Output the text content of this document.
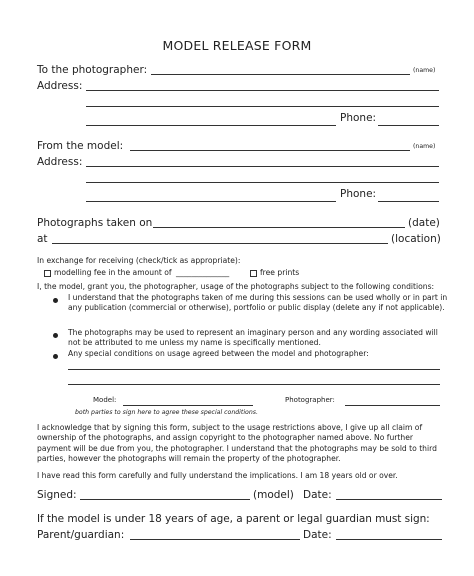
MODEL RELEASE FORM
To the photographer:	(name)
Address:
Phone:
From the model:	(name)
Address:
Phone:
Photographs taken on	(date)
at	(location)
In exchange for receiving (check/tick as appropriate):
modelling fee in the amount of ______________	free prints
I, the model, grant you, the photographer, usage of the photographs subject to the following conditions:
I understand that the photographs taken of me during this sessions can be used wholly or in part in any publication (commercial or otherwise), portfolio or public display (delete any if not applicable).
The photographs may be used to represent an imaginary person and any wording associated will not be attributed to me unless my name is specifically mentioned.
Any special conditions on usage agreed between the model and photographer:
Model:	Photographer:
both parties to sign here to agree these special conditions.
I acknowledge that by signing this form, subject to the usage restrictions above, I give up all claim of ownership of the photographs, and assign copyright to the photographer named above. No further payment will be due from you, the photographer. I understand that the photographs may be sold to third parties, however the photographs will remain the property of the photographer.
I have read this form carefully and fully understand the implications. I am 18 years old or over.
Signed:	(model) Date:
If the model is under 18 years of age, a parent or legal guardian must sign:
Parent/guardian:	Date:
